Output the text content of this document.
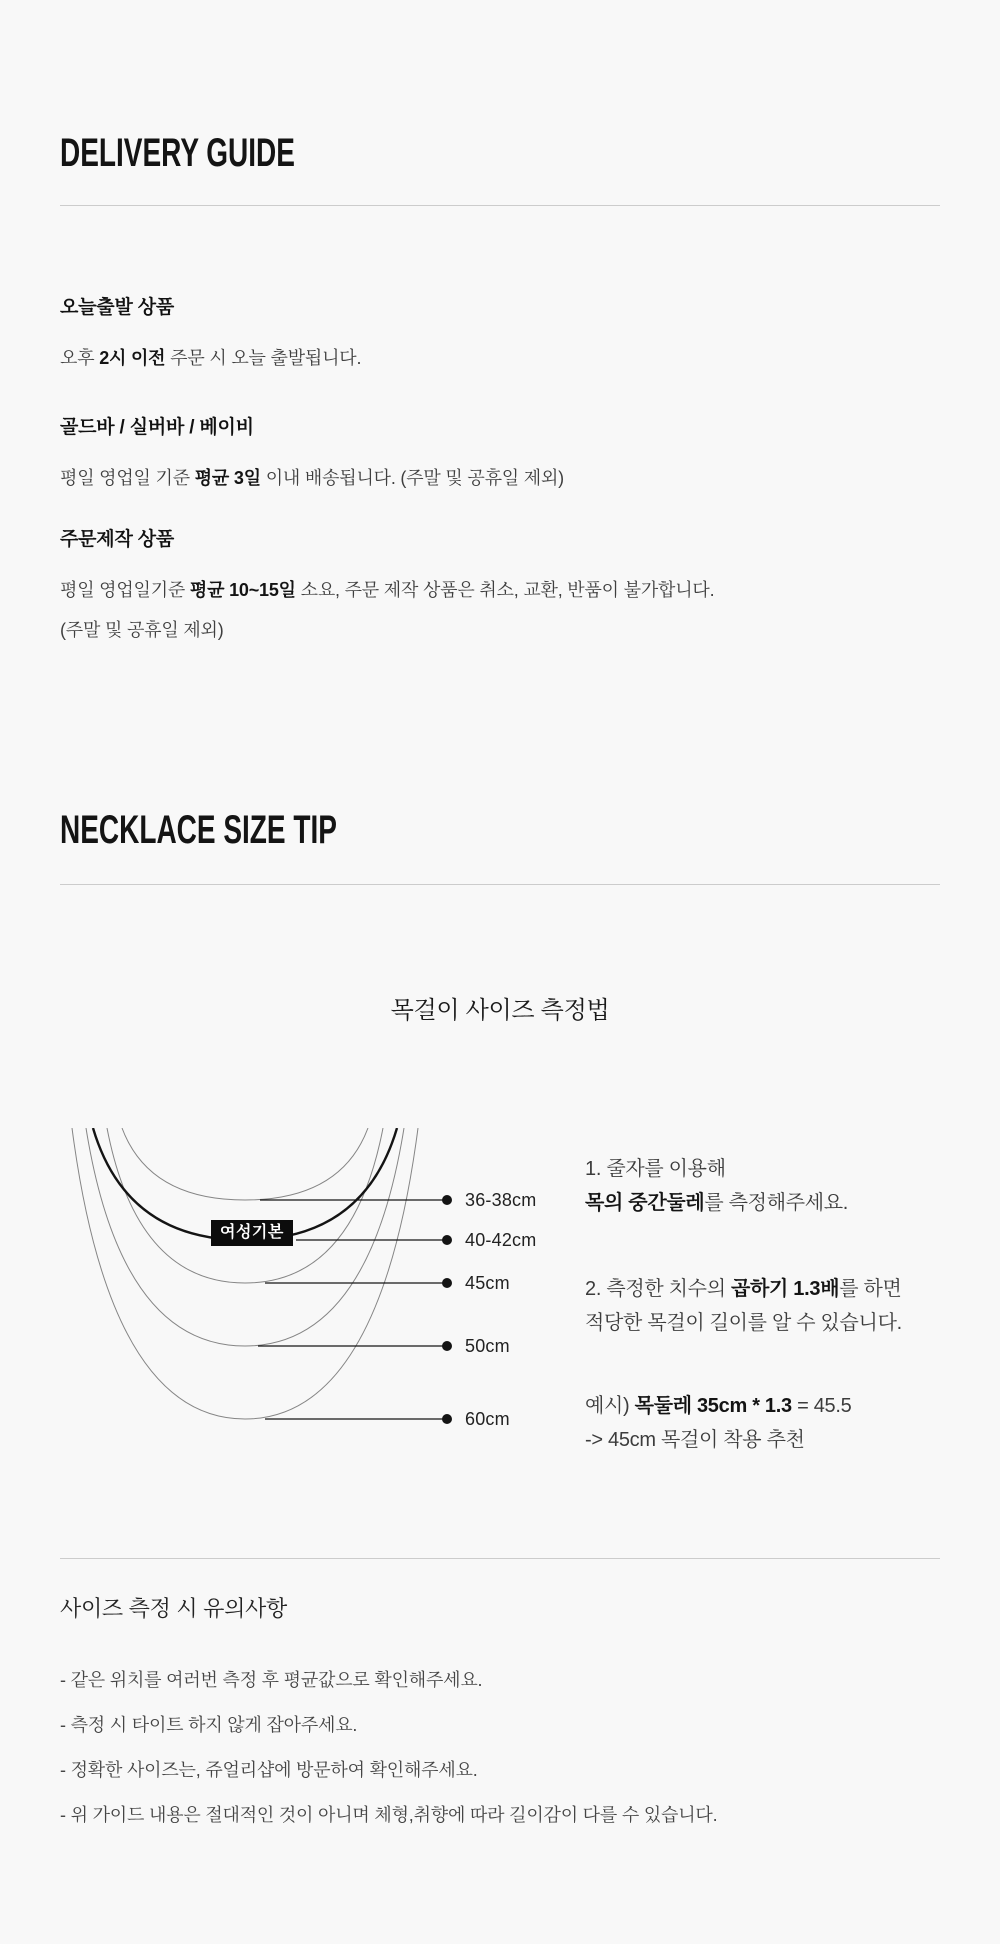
DELIVERY GUIDE
오늘출발 상품

오후 2시 이전 주문 시 오늘 출발됩니다.

골드바 / 실버바 / 베이비

평일 영업일 기준 평균 3일 이내 배송됩니다. (주말 및 공휴일 제외)

주문제작 상품

평일 영업일기준 평균 10~15일 소요, 주문 제작 상품은 취소, 교환, 반품이 불가합니다.

(주말 및 공휴일 제외)

NECKLACE SIZE TIP

목걸이 사이즈 측정법

여성기본

36-38cm

40-42cm

45cm

50cm

60cm

1. 줄자를 이용해
목의 중간둘레를 측정해주세요.

2. 측정한 치수의 곱하기 1.3배를 하면
적당한 목걸이 길이를 알 수 있습니다.

예시) 목둘레 35cm * 1.3 = 45.5
-> 45cm 목걸이 착용 추천

사이즈 측정 시 유의사항

- 같은 위치를 여러번 측정 후 평균값으로 확인해주세요.

- 측정 시 타이트 하지 않게 잡아주세요.

- 정확한 사이즈는, 쥬얼리샵에 방문하여 확인해주세요.

- 위 가이드 내용은 절대적인 것이 아니며 체형,취향에 따라 길이감이 다를 수 있습니다.
